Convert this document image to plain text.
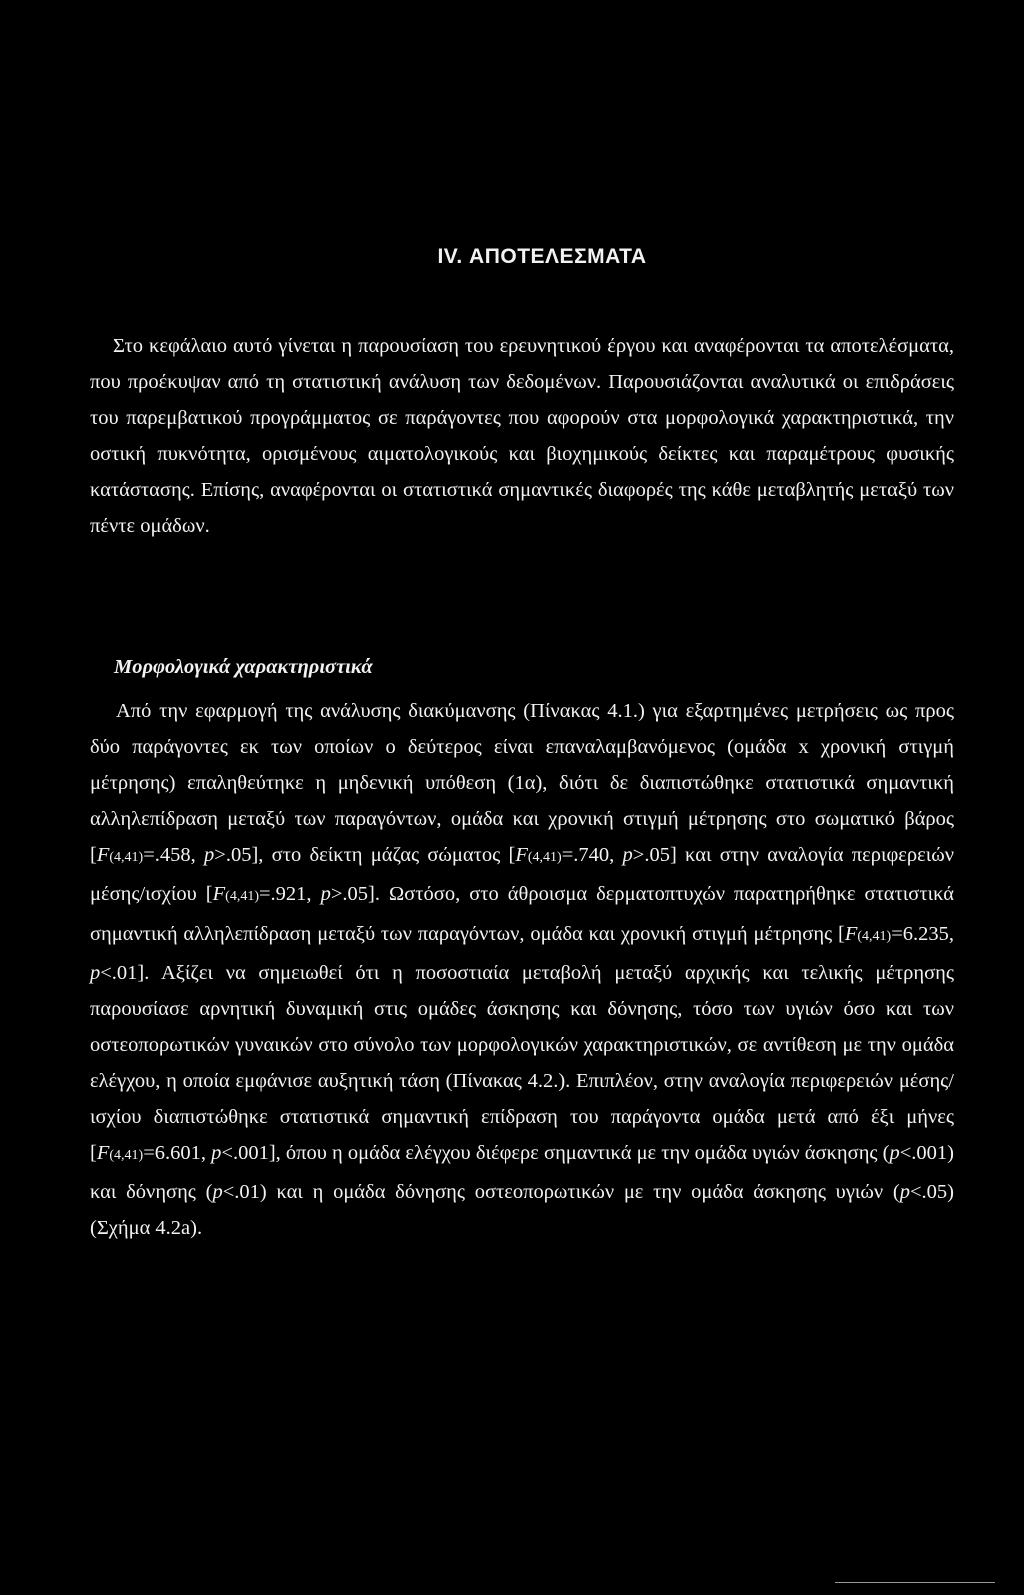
IV. ΑΠΟΤΕΛΕΣΜΑΤΑ
Στο κεφάλαιο αυτό γίνεται η παρουσίαση του ερευνητικού έργου και αναφέρονται τα αποτελέσματα, που προέκυψαν από τη στατιστική ανάλυση των δεδομένων. Παρουσιάζονται αναλυτικά οι επιδράσεις του παρεμβατικού προγράμματος σε παράγοντες που αφορούν στα μορφολογικά χαρακτηριστικά, την οστική πυκνότητα, ορισμένους αιματολογικούς και βιοχημικούς δείκτες και παραμέτρους φυσικής κατάστασης. Επίσης, αναφέρονται οι στατιστικά σημαντικές διαφορές της κάθε μεταβλητής μεταξύ των πέντε ομάδων.
Μορφολογικά χαρακτηριστικά
Από την εφαρμογή της ανάλυσης διακύμανσης (Πίνακας 4.1.) για εξαρτημένες μετρήσεις ως προς δύο παράγοντες εκ των οποίων ο δεύτερος είναι επαναλαμβανόμενος (ομάδα x χρονική στιγμή μέτρησης) επαληθεύτηκε η μηδενική υπόθεση (1α), διότι δε διαπιστώθηκε στατιστικά σημαντική αλληλεπίδραση μεταξύ των παραγόντων, ομάδα και χρονική στιγμή μέτρησης στο σωματικό βάρος [F(4,41)=.458, p>.05], στο δείκτη μάζας σώματος [F(4,41)=.740, p>.05] και στην αναλογία περιφερειών μέσης/ισχίου [F(4,41)=.921, p>.05]. Ωστόσο, στο άθροισμα δερματοπτυχών παρατηρήθηκε στατιστικά σημαντική αλληλεπίδραση μεταξύ των παραγόντων, ομάδα και χρονική στιγμή μέτρησης [F(4,41)=6.235, p<.01]. Αξίζει να σημειωθεί ότι η ποσοστιαία μεταβολή μεταξύ αρχικής και τελικής μέτρησης παρουσίασε αρνητική δυναμική στις ομάδες άσκησης και δόνησης, τόσο των υγιών όσο και των οστεοπορωτικών γυναικών στο σύνολο των μορφολογικών χαρακτηριστικών, σε αντίθεση με την ομάδα ελέγχου, η οποία εμφάνισε αυξητική τάση (Πίνακας 4.2.). Επιπλέον, στην αναλογία περιφερειών μέσης/ισχίου διαπιστώθηκε στατιστικά σημαντική επίδραση του παράγοντα ομάδα μετά από έξι μήνες [F(4,41)=6.601, p<.001], όπου η ομάδα ελέγχου διέφερε σημαντικά με την ομάδα υγιών άσκησης (p<.001) και δόνησης (p<.01) και η ομάδα δόνησης οστεοπορωτικών με την ομάδα άσκησης υγιών (p<.05) (Σχήμα 4.2a).
